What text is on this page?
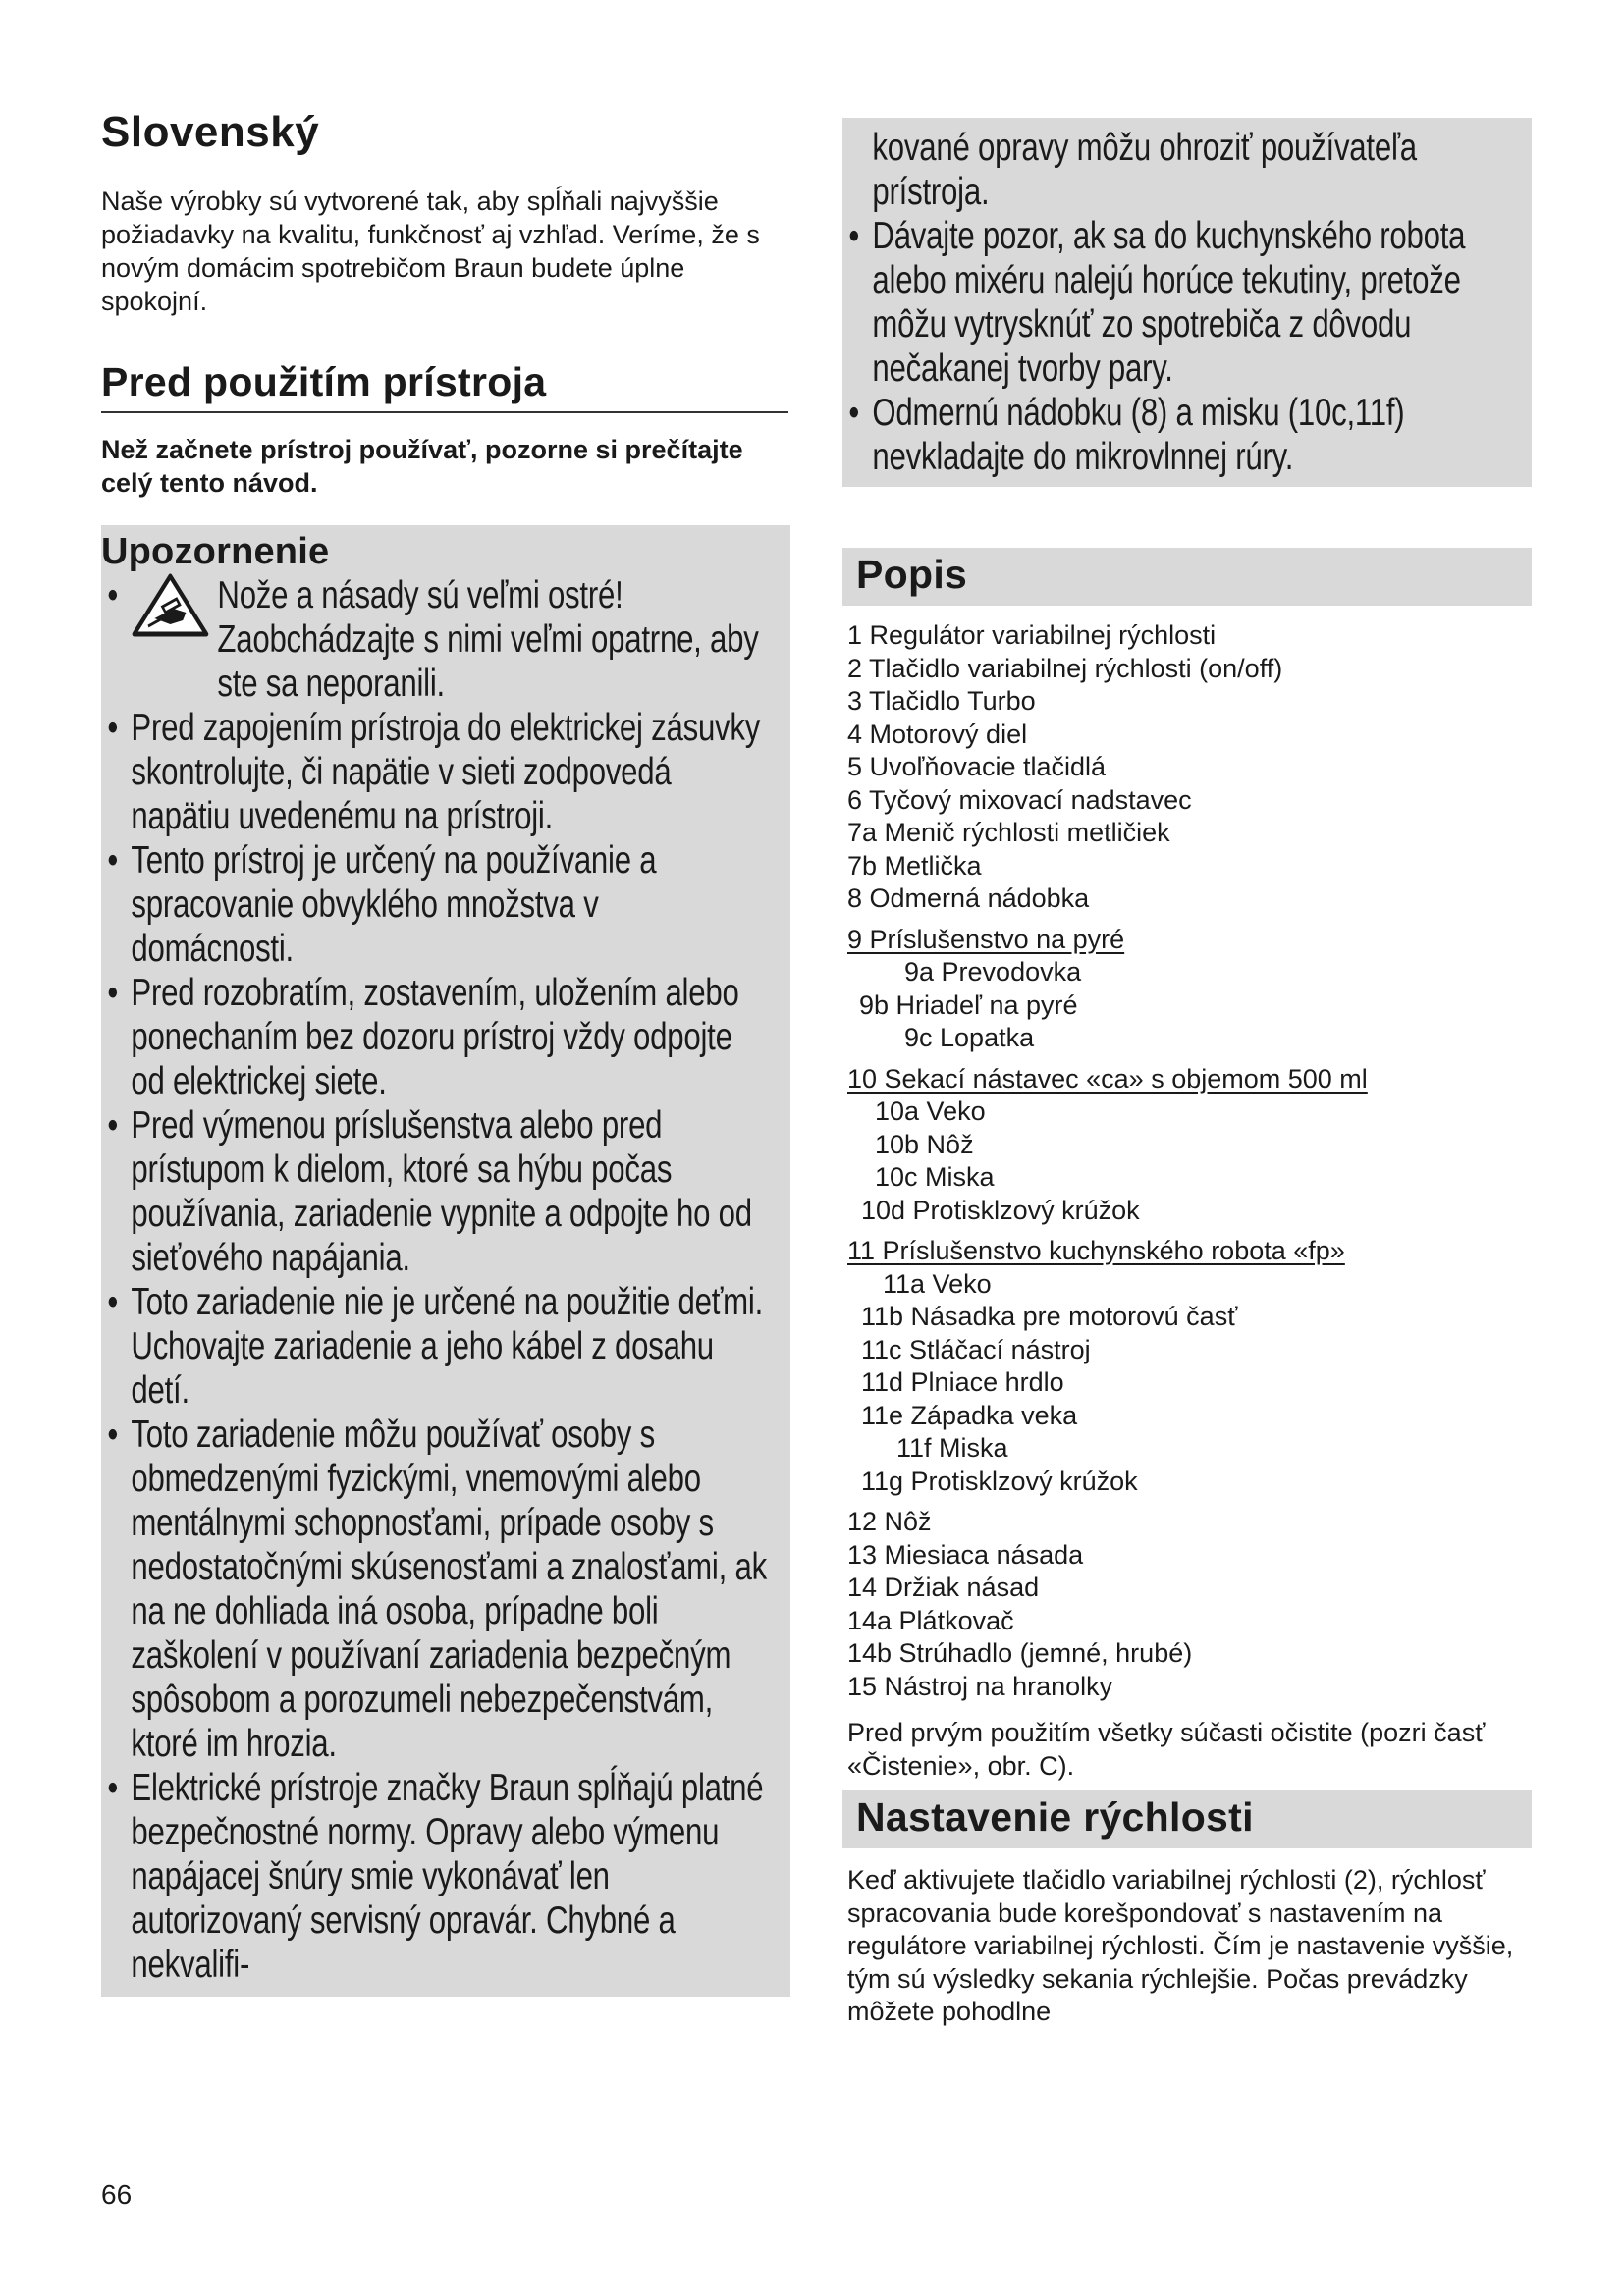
Slovenský

Naše výrobky sú vytvorené tak, aby spĺňali najvyššie požiadavky na kvalitu, funkčnosť aj vzhľad. Veríme, že s novým domácim spotrebičom Braun budete úplne spokojní.

Pred použitím prístroja

Než začnete prístroj používať, pozorne si prečítajte celý tento návod.

Upozornenie
• Nože a násady sú veľmi ostré! Zaobchádzajte s nimi veľmi opatrne, aby ste sa neporanili.
• Pred zapojením prístroja do elektrickej zásuvky skontrolujte, či napätie v sieti zodpovedá napätiu uvedenému na prístroji.
• Tento prístroj je určený na používanie a spracovanie obvyklého množstva v domácnosti.
• Pred rozobratím, zostavením, uložením alebo ponechaním bez dozoru prístroj vždy odpojte od elektrickej siete.
• Pred výmenou príslušenstva alebo pred prístupom k dielom, ktoré sa hýbu počas používania, zariadenie vypnite a odpojte ho od sieťového napájania.
• Toto zariadenie nie je určené na použitie deťmi. Uchovajte zariadenie a jeho kábel z dosahu detí.
• Toto zariadenie môžu používať osoby s obmedzenými fyzickými, vnemovými alebo mentálnymi schopnosťami, prípade osoby s nedostatočnými skúsenosťami a znalosťami, ak na ne dohliada iná osoba, prípadne boli zaškolení v používaní zariadenia bezpečným spôsobom a porozumeli nebezpečenstvám, ktoré im hrozia.
• Elektrické prístroje značky Braun spĺňajú platné bezpečnostné normy. Opravy alebo výmenu napájacej šnúry smie vykonávať len autorizovaný servisný opravár. Chybné a nekvalifi-
kované opravy môžu ohroziť používateľa prístroja.
• Dávajte pozor, ak sa do kuchynského robota alebo mixéru nalejú horúce tekutiny, pretože môžu vytrysknúť zo spotrebiča z dôvodu nečakanej tvorby pary.
• Odmernú nádobku (8) a misku (10c,11f) nevkladajte do mikrovlnnej rúry.
Popis
1 Regulátor variabilnej rýchlosti
2 Tlačidlo variabilnej rýchlosti (on/off)
3 Tlačidlo Turbo
4 Motorový diel
5 Uvoľňovacie tlačidlá
6 Tyčový mixovací nadstavec
7a Menič rýchlosti metličiek
7b Metlička
8 Odmerná nádobka
9 Príslušenstvo na pyré
9a Prevodovka
9b Hriadeľ na pyré
9c Lopatka
10 Sekací nástavec «ca» s objemom 500 ml
10a Veko
10b Nôž
10c Miska
10d Protisklzový krúžok
11 Príslušenstvo kuchynského robota «fp»
11a Veko
11b Násadka pre motorovú časť
11c Stláčací nástroj
11d Plniace hrdlo
11e Západka veka
11f Miska
11g Protisklzový krúžok
12 Nôž
13 Miesiaca násada
14 Držiak násad
14a Plátkovač
14b Strúhadlo (jemné, hrubé)
15 Nástroj na hranolky

Pred prvým použitím všetky súčasti očistite (pozri časť «Čistenie», obr. C).

Nastavenie rýchlosti

Keď aktivujete tlačidlo variabilnej rýchlosti (2), rýchlosť spracovania bude korešpondovať s nastavením na regulátore variabilnej rýchlosti. Čím je nastavenie vyššie, tým sú výsledky sekania rýchlejšie. Počas prevádzky môžete pohodlne

66
